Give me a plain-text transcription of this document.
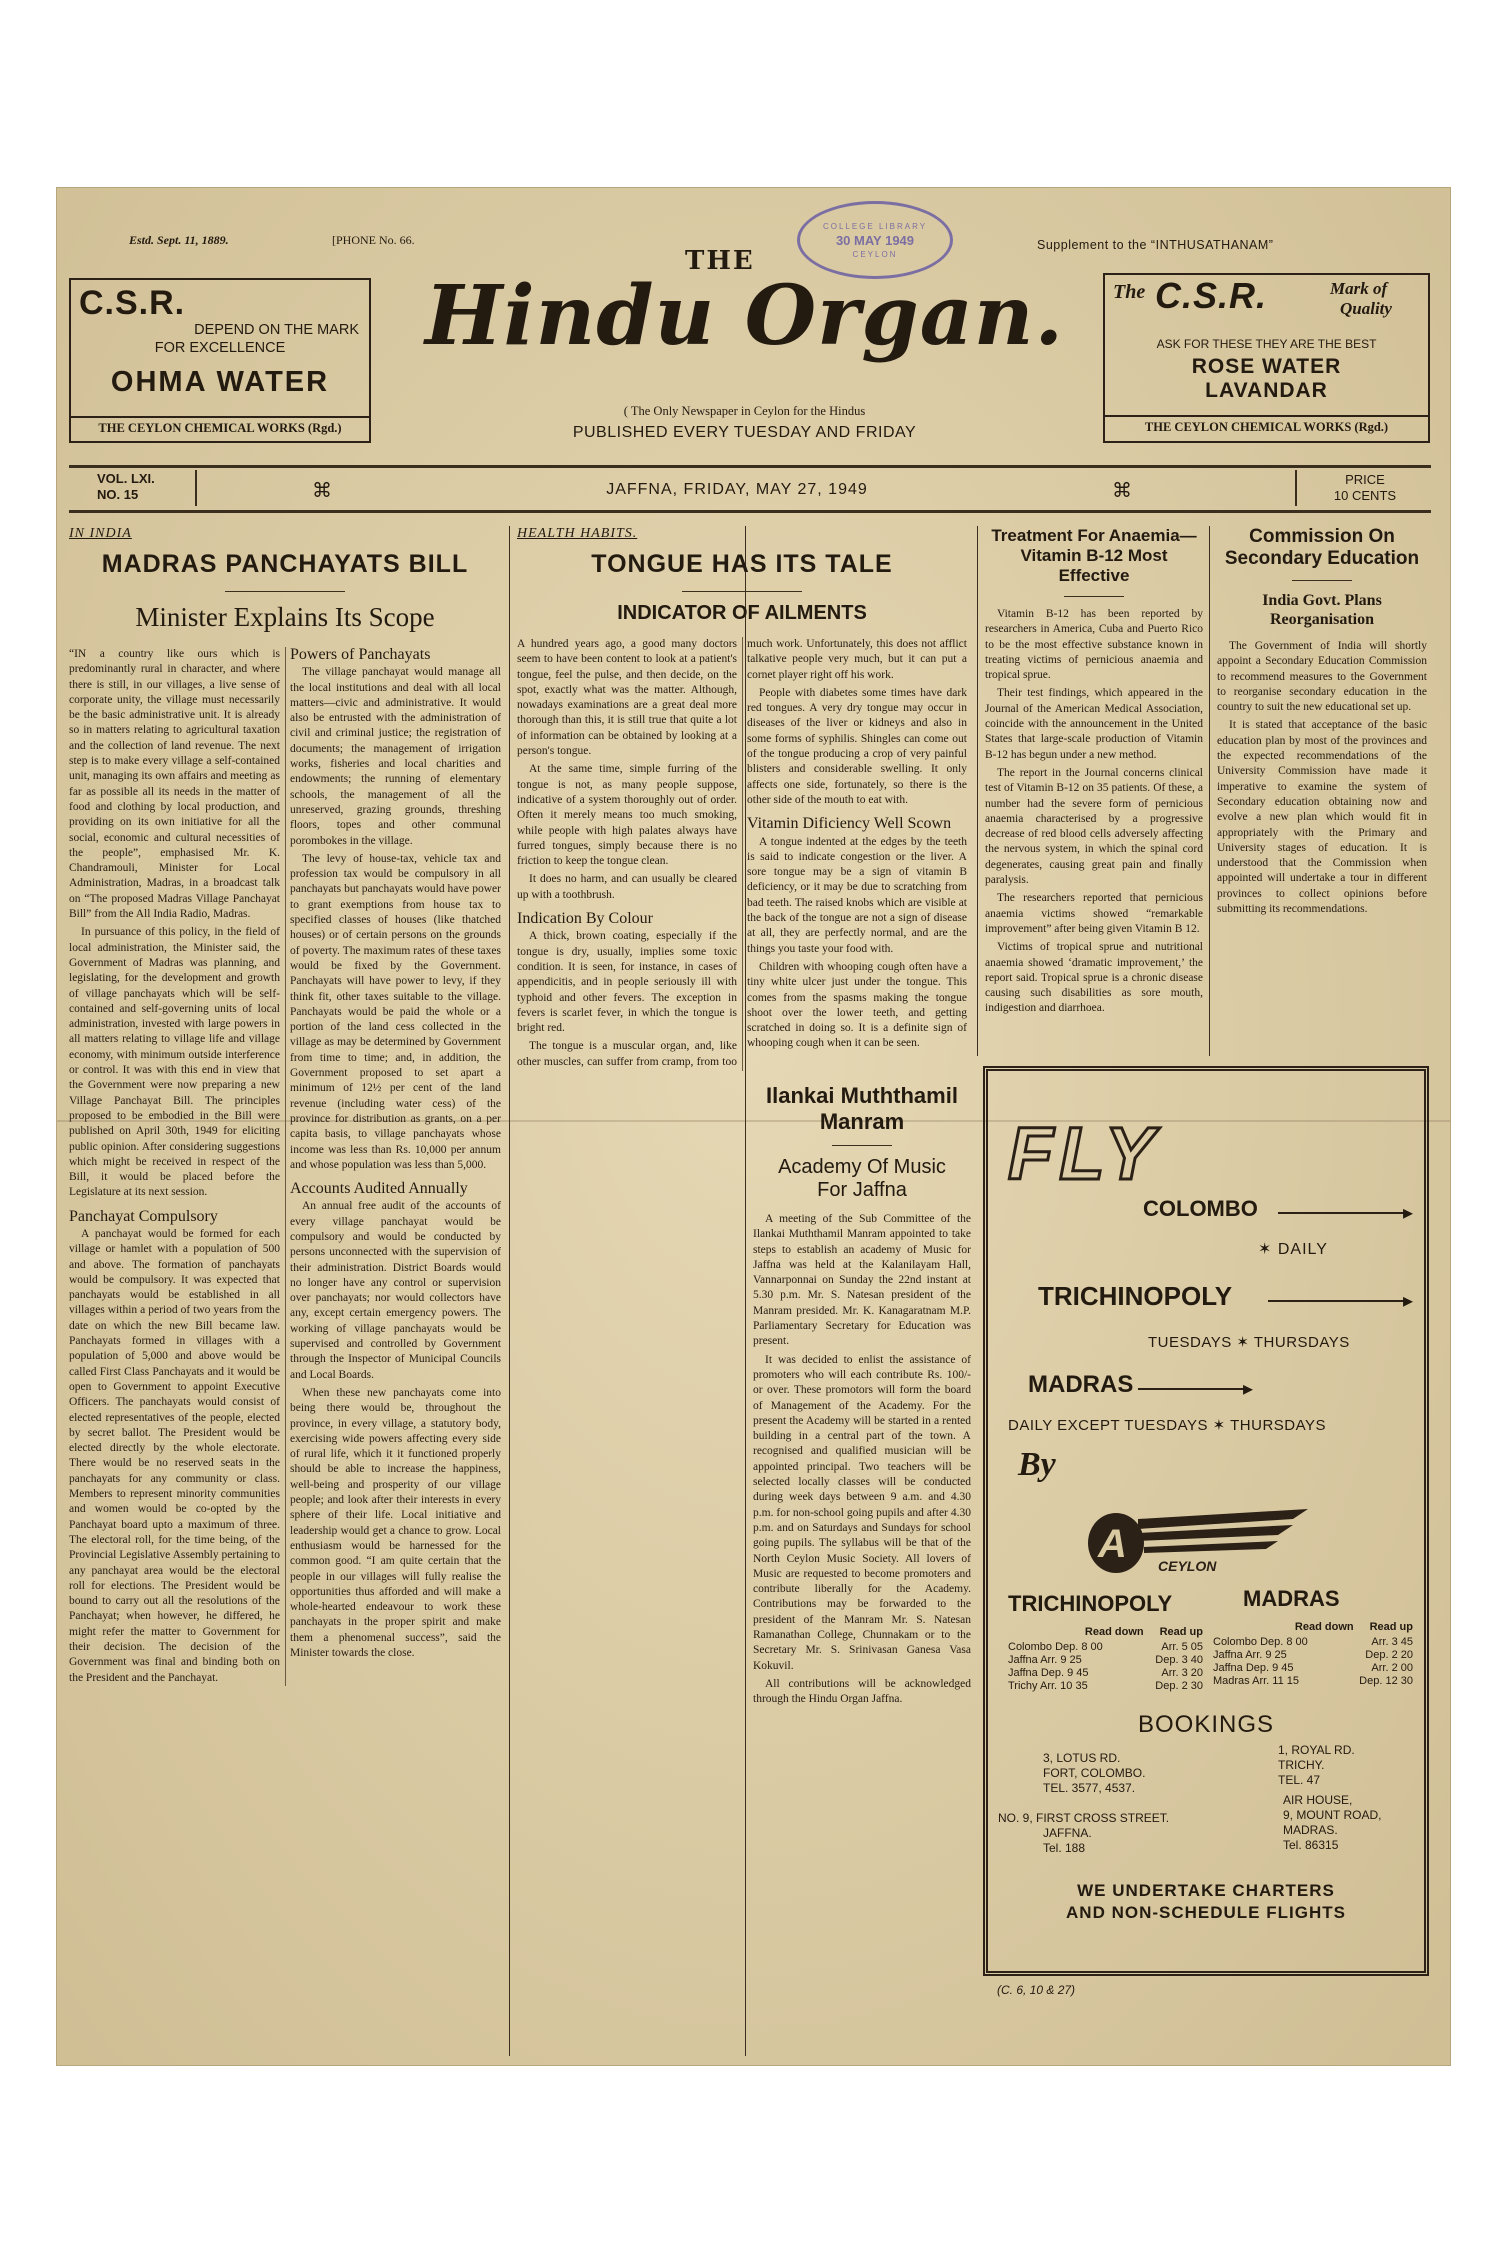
Estd. Sept. 11, 1889.	[PHONE No. 66.	Supplement to the “INTHUSATHANAM”
COLLEGE LIBRARY
30 MAY 1949
CEYLON
THE
Hindu Organ.
( The Only Newspaper in Ceylon for the Hindus
PUBLISHED EVERY TUESDAY AND FRIDAY
C.S.R.
DEPEND ON THE MARK
FOR EXCELLENCE
OHMA WATER
THE CEYLON CHEMICAL WORKS (Rgd.)
The C.S.R.	Mark of
Quality
ASK FOR THESE THEY ARE THE BEST
ROSE WATER
LAVANDAR
THE CEYLON CHEMICAL WORKS (Rgd.)
VOL. LXI.
NO. 15	⌘	JAFFNA, FRIDAY, MAY 27, 1949	⌘
PRICE
10 CENTS
IN INDIA
MADRAS PANCHAYATS BILL
Minister Explains Its Scope

“IN a country like ours which is predominantly rural in character, and where there is still, in our villages, a live sense of corporate unity, the village must necessarily be the basic administrative unit. It is already so in matters relating to agricultural taxation and the collection of land revenue. The next step is to make every village a self-contained unit, managing its own affairs and meeting as far as possible all its needs in the matter of food and clothing by local production, and providing on its own initiative for all the social, economic and cultural necessities of the people”, emphasised Mr. K. Chandramouli, Minister for Local Administration, Madras, in a broadcast talk on “The proposed Madras Village Panchayat Bill” from the All India Radio, Madras.

In pursuance of this policy, in the field of local administration, the Minister said, the Government of Madras was planning, and legislating, for the development and growth of village panchayats which will be self-contained and self-governing units of local administration, invested with large powers in all matters relating to village life and village economy, with minimum outside interference or control. It was with this end in view that the Government were now preparing a new Village Panchayat Bill. The principles proposed to be embodied in the Bill were published on April 30th, 1949 for eliciting public opinion. After considering suggestions which might be received in respect of the Bill, it would be placed before the Legislature at its next session.

Panchayat Compulsory

A panchayat would be formed for each village or hamlet with a population of 500 and above. The formation of panchayats would be compulsory. It was expected that panchayats would be established in all villages within a period of two years from the date on which the new Bill became law. Panchayats formed in villages with a population of 5,000 and above would be called First Class Panchayats and it would be open to Government to appoint Executive Officers. The panchayats would consist of elected representatives of the people, elected by secret ballot. The President would be elected directly by the whole electorate. There would be no reserved seats in the panchayats for any community or class. Members to represent minority communities and women would be co-opted by the Panchayat board upto a maximum of three. The electoral roll, for the time being, of the Provincial Legislative Assembly pertaining to any panchayat area would be the electoral roll for elections. The President would be bound to carry out all the resolutions of the Panchayat; when however, he differed, he might refer the matter to Government for their decision. The decision of the Government was final and binding both on the President and the Panchayat.

Powers of Panchayats

The village panchayat would manage all the local institutions and deal with all local matters—civic and administrative. It would also be entrusted with the administration of civil and criminal justice; the registration of documents; the management of irrigation works, fisheries and local charities and endowments; the running of elementary schools, the management of all the unreserved, grazing grounds, threshing floors, topes and other communal porombokes in the village.

The levy of house-tax, vehicle tax and profession tax would be compulsory in all panchayats but panchayats would have power to grant exemptions from house tax to specified classes of houses (like thatched houses) or of certain persons on the grounds of poverty. The maximum rates of these taxes would be fixed by the Government. Panchayats will have power to levy, if they think fit, other taxes suitable to the village. Panchayats would be paid the whole or a portion of the land cess collected in the village as may be determined by Government from time to time; and, in addition, the Government proposed to set apart a minimum of 12½ per cent of the land revenue (including water cess) of the province for distribution as grants, on a per capita basis, to village panchayats whose income was less than Rs. 10,000 per annum and whose population was less than 5,000.

Accounts Audited Annually

An annual free audit of the accounts of every village panchayat would be compulsory and would be conducted by persons unconnected with the supervision of their administration. District Boards would no longer have any control or supervision over panchayats; nor would collectors have any, except certain emergency powers. The working of village panchayats would be supervised and controlled by Government through the Inspector of Municipal Councils and Local Boards.

When these new panchayats come into being there would be, throughout the province, in every village, a statutory body, exercising wide powers affecting every side of rural life, which it it functioned properly should be able to increase the happiness, well-being and prosperity of our village people; and look after their interests in every sphere of their life. Local initiative and leadership would get a chance to grow. Local enthusiasm would be harnessed for the common good. “I am quite certain that the people in our villages will fully realise the opportunities thus afforded and will make a whole-hearted endeavour to work these panchayats in the proper spirit and make them a phenomenal success”, said the Minister towards the close.

HEALTH HABITS.
TONGUE HAS ITS TALE
INDICATOR OF AILMENTS

A hundred years ago, a good many doctors seem to have been content to look at a patient's tongue, feel the pulse, and then decide, on the spot, exactly what was the matter. Although, nowadays examinations are a great deal more thorough than this, it is still true that quite a lot of information can be obtained by looking at a person's tongue.

At the same time, simple furring of the tongue is not, as many people suppose, indicative of a system thoroughly out of order. Often it merely means too much smoking, while people with high palates always have furred tongues, simply because there is no friction to keep the tongue clean.

It does no harm, and can usually be cleared up with a toothbrush.

Indication By Colour

A thick, brown coating, especially if the tongue is dry, usually, implies some toxic condition. It is seen, for instance, in cases of appendicitis, and in people seriously ill with typhoid and other fevers. The exception in fevers is scarlet fever, in which the tongue is bright red.

The tongue is a muscular organ, and, like other muscles, can suffer from cramp, from too much work. Unfortunately, this does not afflict talkative people very much, but it can put a cornet player right off his work.

People with diabetes some times have dark red tongues. A very dry tongue may occur in diseases of the liver or kidneys and also in some forms of syphilis. Shingles can come out of the tongue producing a crop of very painful blisters and considerable swelling. It only affects one side, fortunately, so there is the other side of the mouth to eat with.

Vitamin Dificiency Well Scown

A tongue indented at the edges by the teeth is said to indicate congestion or the liver. A sore tongue may be a sign of vitamin B deficiency, or it may be due to scratching from bad teeth. The raised knobs which are visible at the back of the tongue are not a sign of disease at all, they are perfectly normal, and are the things you taste your food with.

Children with whooping cough often have a tiny white ulcer just under the tongue. This comes from the spasms making the tongue shoot over the lower teeth, and getting scratched in doing so. It is a definite sign of whooping cough when it can be seen.

Ilankai Muththamil
Manram
Academy Of Music
For Jaffna

A meeting of the Sub Committee of the Ilankai Muththamil Manram appointed to take steps to establish an academy of Music for Jaffna was held at the Kalanilayam Hall, Vannarponnai on Sunday the 22nd instant at 5.30 p.m. Mr. S. Natesan president of the Manram presided. Mr. K. Kanagaratnam M.P. Parliamentary Secretary for Education was present.

It was decided to enlist the assistance of promoters who will each contribute Rs. 100/- or over. These promotors will form the board of Management of the Academy. For the present the Academy will be started in a rented building in a central part of the town. A recognised and qualified musician will be appointed principal. Two teachers will be selected locally classes will be conducted during week days between 9 a.m. and 4.30 p.m. for non-school going pupils and after 4.30 p.m. and on Saturdays and Sundays for school going pupils. The syllabus will be that of the North Ceylon Music Society. All lovers of Music are requested to become promoters and contribute liberally for the Academy. Contributions may be forwarded to the president of the Manram Mr. S. Natesan Ramanathan College, Chunnakam or to the Secretary Mr. S. Srinivasan Ganesa Vasa Kokuvil.

All contributions will be acknowledged through the Hindu Organ Jaffna.

Treatment For Anaemia—Vitamin B-12 Most Effective

Vitamin B-12 has been reported by researchers in America, Cuba and Puerto Rico to be the most effective substance known in treating victims of pernicious anaemia and tropical sprue.

Their test findings, which appeared in the Journal of the American Medical Association, coincide with the announcement in the United States that large-scale production of Vitamin B-12 has begun under a new method.

The report in the Journal concerns clinical test of Vitamin B-12 on 35 patients. Of these, a number had the severe form of pernicious anaemia characterised by a progressive decrease of red blood cells adversely affecting the nervous system, in which the spinal cord degenerates, causing great pain and finally paralysis.

The researchers reported that pernicious anaemia victims showed “remarkable improvement” after being given Vitamin B 12.

Victims of tropical sprue and nutritional anaemia showed ‘dramatic improvement,’ the report said. Tropical sprue is a chronic disease causing such disabilities as sore mouth, indigestion and diarrhoea.

Commission On Secondary Education
India Govt. Plans Reorganisation

The Government of India will shortly appoint a Secondary Education Commission to recommend measures to the Government to reorganise secondary education in the country to suit the new educational set up.

It is stated that acceptance of the basic education plan by most of the provinces and the expected recommendations of the University Commission have made it imperative to examine the system of Secondary education obtaining now and evolve a new plan which would fit in appropriately with the Primary and University stages of education. It is understood that the Commission when appointed will undertake a tour in different provinces to collect opinions before submitting its recommendations.

FLY
COLOMBO	▸
✶ DAILY
TRICHINOPOLY	▸
TUESDAYS ✶ THURSDAYS
MADRAS	▸
DAILY EXCEPT TUESDAYS ✶ THURSDAYS
By
A CEYLON
TRICHINOPOLY	MADRAS
Read down Read up
Colombo Dep. 8 00	Arr. 5 05
Jaffna Arr. 9 25	Dep. 3 40
Jaffna Dep. 9 45	Arr. 3 20
Trichy Arr. 10 35	Dep. 2 30
Read down Read up
Colombo Dep. 8 00	Arr. 3 45
Jaffna Arr. 9 25	Dep. 2 20
Jaffna Dep. 9 45	Arr. 2 00
Madras Arr. 11 15	Dep. 12 30
BOOKINGS
3, LOTUS RD.
FORT, COLOMBO.
TEL. 3577, 4537.
1, ROYAL RD.
TRICHY.
TEL. 47
NO. 9, FIRST CROSS STREET.
JAFFNA.
Tel. 188
AIR HOUSE,
9, MOUNT ROAD,
MADRAS.
Tel. 86315
WE UNDERTAKE CHARTERS
AND NON-SCHEDULE FLIGHTS
(C. 6, 10 & 27)
